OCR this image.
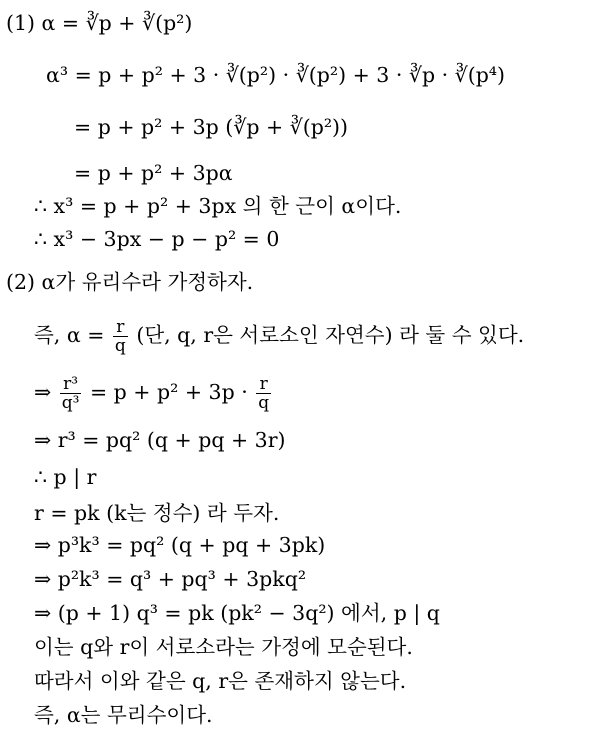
(1) α = ∛p + ∛(p²)
α³ = p + p² + 3 · ∛(p²) · ∛(p²) + 3 · ∛p · ∛(p⁴)
= p + p² + 3p (∛p + ∛(p²))
= p + p² + 3pα
∴ x³ = p + p² + 3px 의 한 근이 α이다.
∴ x³ − 3px − p − p² = 0
(2) α가 유리수라 가정하자.
즉, $\alpha = \frac{r}{q}$ (단, q, r은 서로소인 자연수) 라 둘 수 있다.
⇒ $\frac{\text{r³}}{\text{q³}} = p + p^2 + 3p \cdot \frac{r}{q}$
⇒ r³ = pq² (q + pq + 3r)
∴ p | r
r = pk (k는 정수) 라 두자.
⇒ p³k³ = pq² (q + pq + 3pk)
⇒ p²k³ = q³ + pq³ + 3pkq²
⇒ (p + 1) q³ = pk (pk² − 3q²) 에서, p | q
이는 q와 r이 서로소라는 가정에 모순된다.
따라서 이와 같은 q, r은 존재하지 않는다.
즉, α는 무리수이다.
